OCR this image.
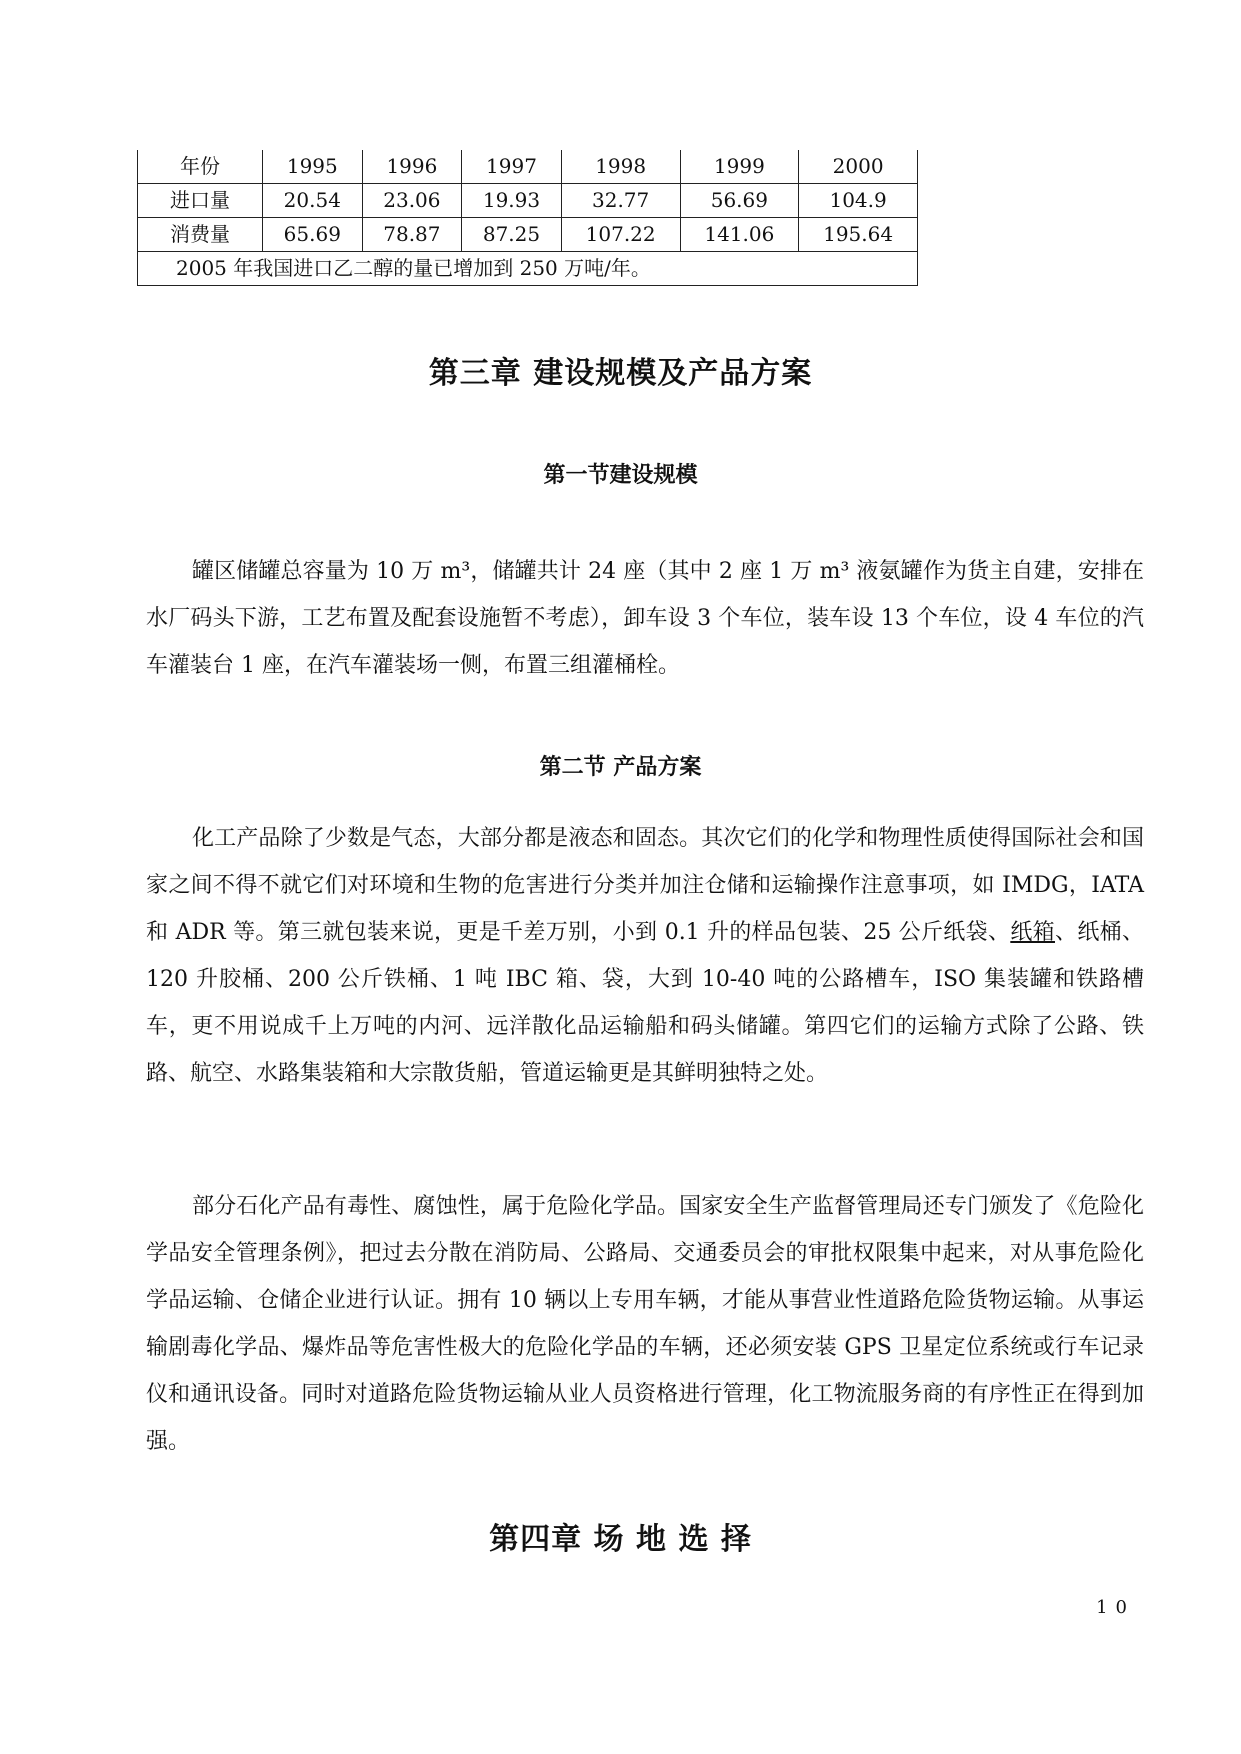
年份	1995	1996	1997	1998	1999	2000
进口量	20.54	23.06	19.93	32.77	56.69	104.9
消费量	65.69	78.87	87.25	107.22	141.06	195.64
2005 年我国进口乙二醇的量已增加到 250 万吨/年。						
第三章 建设规模及产品方案
第一节建设规模
罐区储罐总容量为 10 万 m³，储罐共计 24 座（其中 2 座 1 万 m³ 液氨罐作为货主自建，安排在水厂码头下游，工艺布置及配套设施暂不考虑），卸车设 3 个车位，装车设 13 个车位，设 4 车位的汽车灌装台 1 座，在汽车灌装场一侧，布置三组灌桶栓。
第二节 产品方案
化工产品除了少数是气态，大部分都是液态和固态。其次它们的化学和物理性质使得国际社会和国家之间不得不就它们对环境和生物的危害进行分类并加注仓储和运输操作注意事项，如 IMDG，IATA 和 ADR 等。第三就包装来说，更是千差万别，小到 0.1 升的样品包装、25 公斤纸袋、纸箱、纸桶、120 升胶桶、200 公斤铁桶、1 吨 IBC 箱、袋，大到 10-40 吨的公路槽车，ISO 集装罐和铁路槽车，更不用说成千上万吨的内河、远洋散化品运输船和码头储罐。第四它们的运输方式除了公路、铁路、航空、水路集装箱和大宗散货船，管道运输更是其鲜明独特之处。
部分石化产品有毒性、腐蚀性，属于危险化学品。国家安全生产监督管理局还专门颁发了《危险化学品安全管理条例》，把过去分散在消防局、公路局、交通委员会的审批权限集中起来，对从事危险化学品运输、仓储企业进行认证。拥有 10 辆以上专用车辆，才能从事营业性道路危险货物运输。从事运输剧毒化学品、爆炸品等危害性极大的危险化学品的车辆，还必须安装 GPS 卫星定位系统或行车记录仪和通讯设备。同时对道路危险货物运输从业人员资格进行管理，化工物流服务商的有序性正在得到加强。
第四章 场 地 选 择
10
